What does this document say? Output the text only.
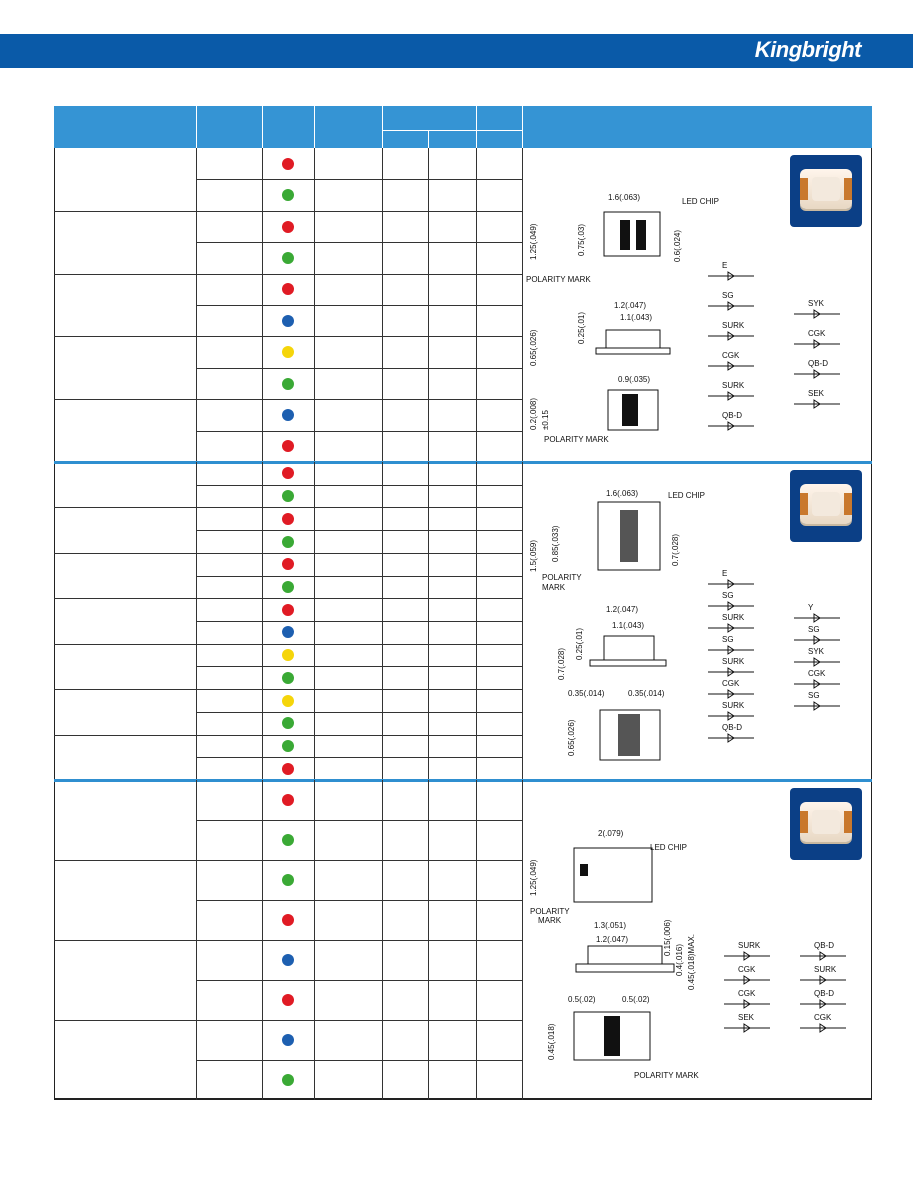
Kingbright
1.6(.063)	LED CHIP
1.25(.049)	0.75(.03)	0.6(.024)
POLARITY MARK
1.2(.047)
1.1(.043)
0.65(.026)
0.25(.01)
0.9(.035)
0.2(.008) ±0.15
POLARITY MARK
E
SG
SURK
CGK
SURK
QB-D
SYK
CGK
QB-D
SEK
1.6(.063)	LED CHIP
1.5(.059) 0.85(.033)	0.7(.028)
POLARITY
MARK
1.2(.047)
1.1(.043)
0.7(.028)
0.25(.01)
0.35(.014)	0.35(.014)
0.65(.026)
E
SG
SURK
SG
SURK
CGK
SURK
QB-D
Y
SG
SYK
CGK
SG
2(.079)
LED CHIP
1.25(.049)
POLARITY
MARK
1.3(.051)
1.2(.047)	0.15(.006)
0.4(.016) 0.45(.018)MAX.
0.5(.02)	0.5(.02)
0.45(.018)
POLARITY MARK
SURK
CGK
CGK
SEK
QB-D
SURK
QB-D
CGK
